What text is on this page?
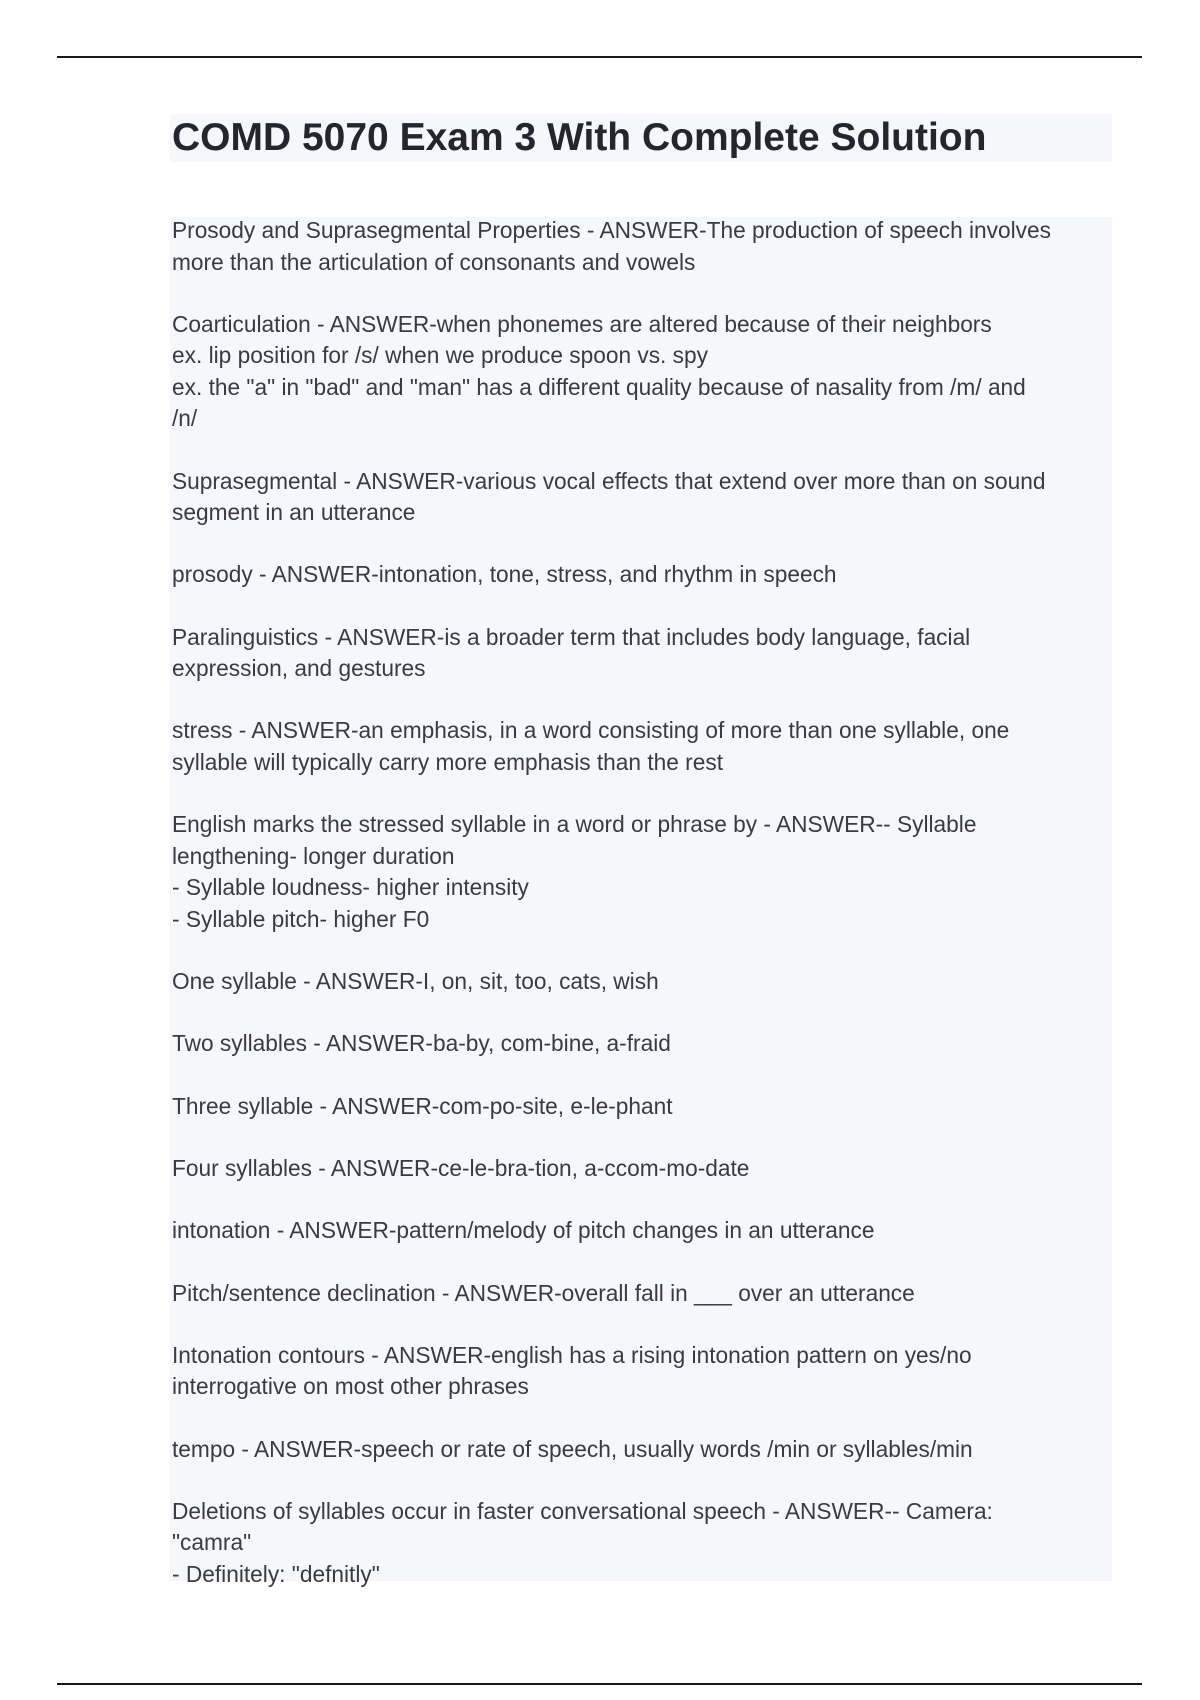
COMD 5070 Exam 3 With Complete Solution

Prosody and Suprasegmental Properties - ANSWER-The production of speech involves
more than the articulation of consonants and vowels

Coarticulation - ANSWER-when phonemes are altered because of their neighbors
ex. lip position for /s/ when we produce spoon vs. spy
ex. the "a" in "bad" and "man" has a different quality because of nasality from /m/ and
/n/

Suprasegmental - ANSWER-various vocal effects that extend over more than on sound
segment in an utterance

prosody - ANSWER-intonation, tone, stress, and rhythm in speech

Paralinguistics - ANSWER-is a broader term that includes body language, facial
expression, and gestures

stress - ANSWER-an emphasis, in a word consisting of more than one syllable, one
syllable will typically carry more emphasis than the rest

English marks the stressed syllable in a word or phrase by - ANSWER-- Syllable
lengthening- longer duration
- Syllable loudness- higher intensity
- Syllable pitch- higher F0

One syllable - ANSWER-I, on, sit, too, cats, wish

Two syllables - ANSWER-ba-by, com-bine, a-fraid

Three syllable - ANSWER-com-po-site, e-le-phant

Four syllables - ANSWER-ce-le-bra-tion, a-ccom-mo-date

intonation - ANSWER-pattern/melody of pitch changes in an utterance

Pitch/sentence declination - ANSWER-overall fall in ___ over an utterance

Intonation contours - ANSWER-english has a rising intonation pattern on yes/no
interrogative on most other phrases

tempo - ANSWER-speech or rate of speech, usually words /min or syllables/min

Deletions of syllables occur in faster conversational speech - ANSWER-- Camera:
"camra"
- Definitely: "defnitly"
